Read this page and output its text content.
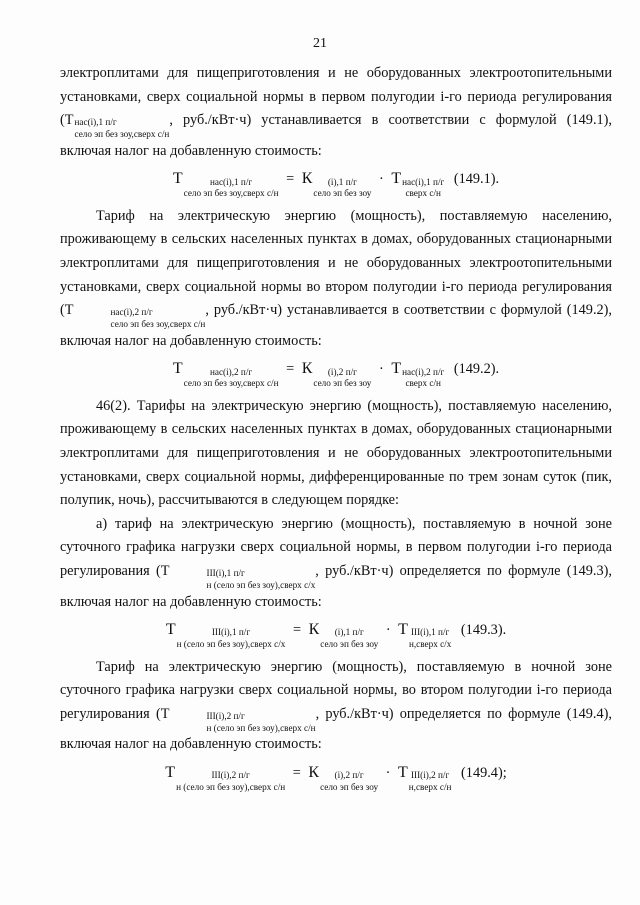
21

электроплитами для пищеприготовления и не оборудованных электроотопительными установками, сверх социальной нормы в первом полугодии i-го периода регулирования (Т нас(i),1 п/г
село эп без зоу,сверх с/н
, руб./кВт·ч) устанавливается в соответствии с формулой (149.1), включая налог на добавленную стоимость:

Т	нас(i),1 п/г
село эп без зоу,сверх с/н
= К	(i),1 п/г
село эп без зоу
· Т нас(i),1 п/г
сверх с/н
(149.1).

Тариф на электрическую энергию (мощность), поставляемую населению, проживающему в сельских населенных пунктах в домах, оборудованных стационарными электроплитами для пищеприготовления и не оборудованных электроотопительными установками, сверх социальной нормы во втором полугодии i-го периода регулирования (Т	нас(i),2 п/г
село эп без зоу,сверх с/н
, руб./кВт·ч) устанавливается в соответствии с формулой (149.2), включая налог на добавленную стоимость:

Т	нас(i),2 п/г
село эп без зоу,сверх с/н
= К	(i),2 п/г
село эп без зоу
· Т нас(i),2 п/г
сверх с/н
(149.2).

46(2). Тарифы на электрическую энергию (мощность), поставляемую населению, проживающему в сельских населенных пунктах в домах, оборудованных стационарными электроплитами для пищеприготовления и не оборудованных электроотопительными установками, сверх социальной нормы, дифференцированные по трем зонам суток (пик, полупик, ночь), рассчитываются в следующем порядке:

а) тариф на электрическую энергию (мощность), поставляемую в ночной зоне суточного графика нагрузки сверх социальной нормы, в первом полугодии i-го периода регулирования (Т	III(i),1 п/г
н (село эп без зоу),сверх с/х
, руб./кВт·ч) определяется по формуле (149.3), включая налог на добавленную стоимость:

Т	III(i),1 п/г
н (село эп без зоу),сверх с/х
= К	(i),1 п/г
село эп без зоу
· Т III(i),1 п/г
н,сверх с/х
(149.3).

Тариф на электрическую энергию (мощность), поставляемую в ночной зоне суточного графика нагрузки сверх социальной нормы, во втором полугодии i-го периода регулирования (Т	III(i),2 п/г
н (село эп без зоу),сверх с/н
, руб./кВт·ч) определяется по формуле (149.4), включая налог на добавленную стоимость:

Т	III(i),2 п/г
н (село эп без зоу),сверх с/н
= К	(i),2 п/г
село эп без зоу
· Т III(i),2 п/г
н,сверх с/н
(149.4);
